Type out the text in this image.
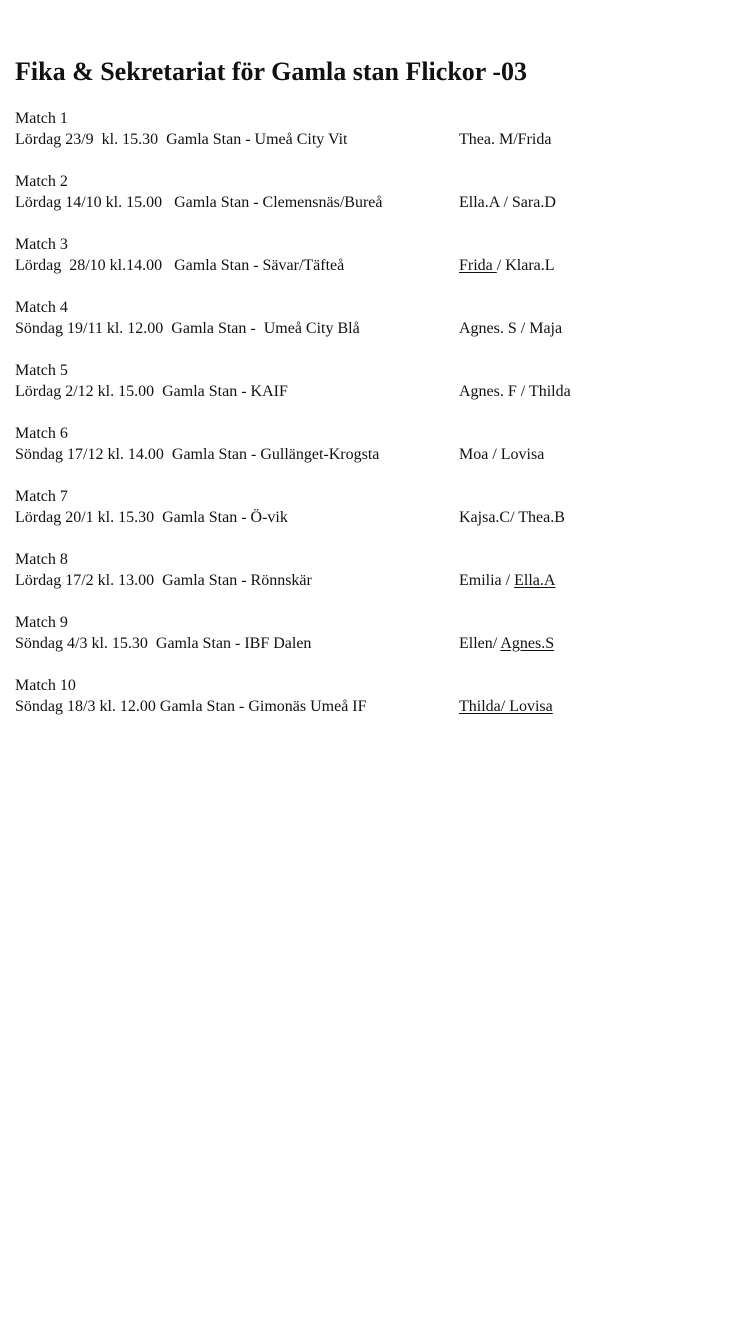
Fika & Sekretariat för Gamla stan Flickor -03
Match 1
Lördag 23/9  kl. 15.30  Gamla Stan - Umeå City Vit	Thea. M/Frida
Match 2
Lördag 14/10 kl. 15.00   Gamla Stan - Clemensnäs/Bureå	Ella.A / Sara.D
Match 3
Lördag  28/10 kl.14.00   Gamla Stan - Sävar/Täfteå	Frida / Klara.L
Match 4
Söndag 19/11 kl. 12.00  Gamla Stan -  Umeå City Blå	Agnes. S / Maja
Match 5
Lördag 2/12 kl. 15.00  Gamla Stan - KAIF	Agnes. F / Thilda
Match 6
Söndag 17/12 kl. 14.00  Gamla Stan - Gullänget-Krogsta	Moa / Lovisa
Match 7
Lördag 20/1 kl. 15.30  Gamla Stan - Ö-vik	Kajsa.C/ Thea.B
Match 8
Lördag 17/2 kl. 13.00  Gamla Stan - Rönnskär	Emilia / Ella.A
Match 9
Söndag 4/3 kl. 15.30  Gamla Stan - IBF Dalen	Ellen/ Agnes.S
Match 10
Söndag 18/3 kl. 12.00 Gamla Stan - Gimonäs Umeå IF	Thilda/ Lovisa
